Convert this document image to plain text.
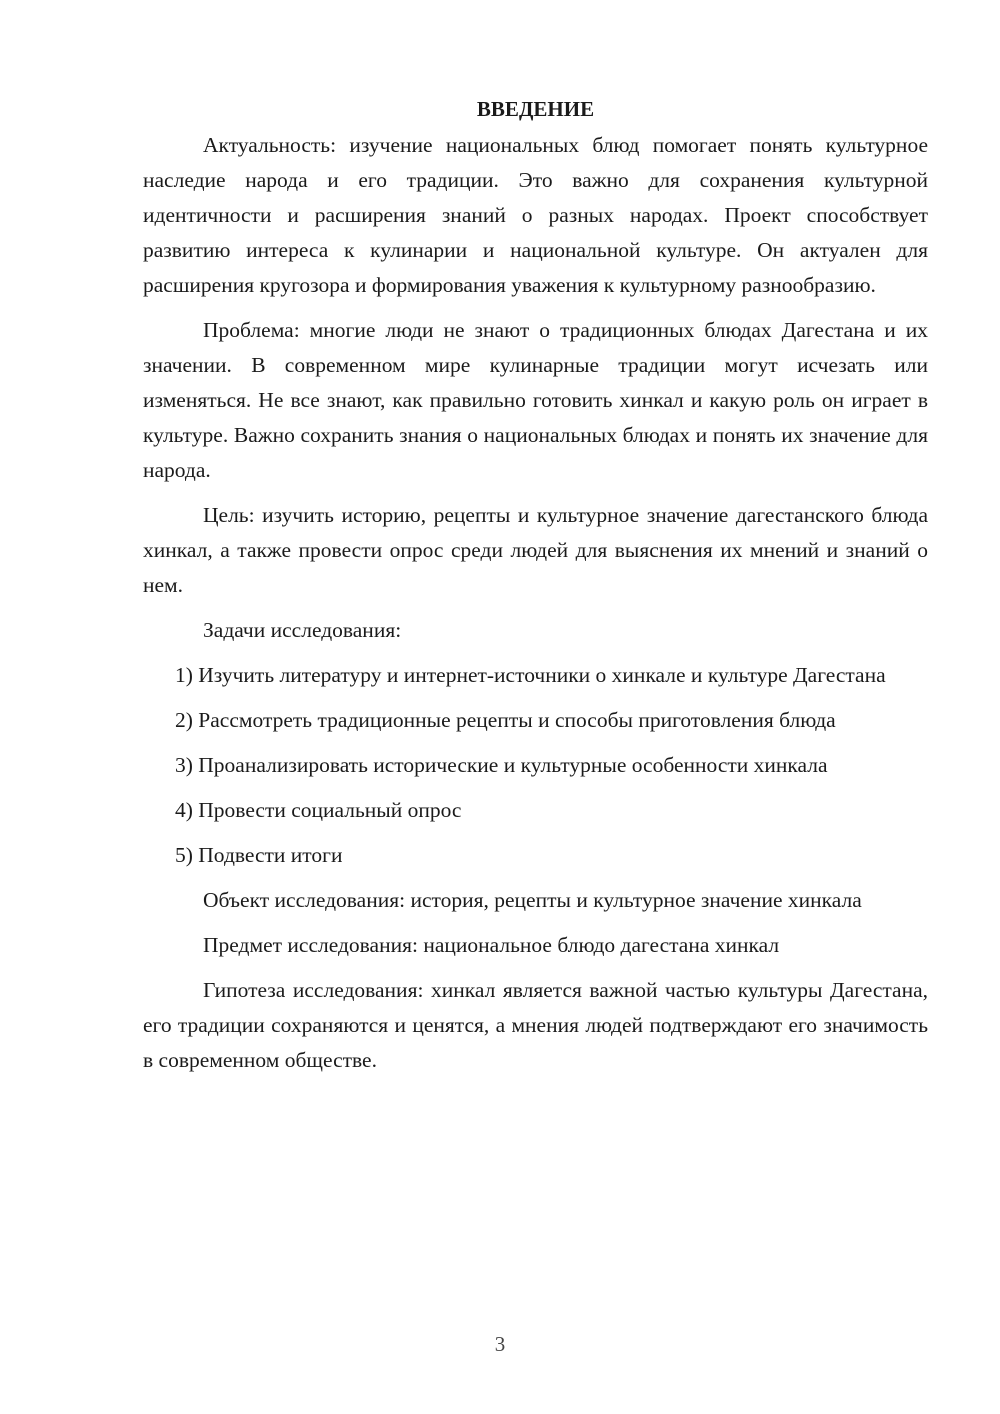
ВВЕДЕНИЕ

Актуальность: изучение национальных блюд помогает понять культурное наследие народа и его традиции. Это важно для сохранения культурной идентичности и расширения знаний о разных народах. Проект способствует развитию интереса к кулинарии и национальной культуре. Он актуален для расширения кругозора и формирования уважения к культурному разнообразию.

Проблема: многие люди не знают о традиционных блюдах Дагестана и их значении. В современном мире кулинарные традиции могут исчезать или изменяться. Не все знают, как правильно готовить хинкал и какую роль он играет в культуре. Важно сохранить знания о национальных блюдах и понять их значение для народа.

Цель: изучить историю, рецепты и культурное значение дагестанского блюда хинкал, а также провести опрос среди людей для выяснения их мнений и знаний о нем.

Задачи исследования:

1) Изучить литературу и интернет-источники о хинкале и культуре Дагестана

2) Рассмотреть традиционные рецепты и способы приготовления блюда

3) Проанализировать исторические и культурные особенности хинкала

4) Провести социальный опрос

5) Подвести итоги

Объект исследования: история, рецепты и культурное значение хинкала

Предмет исследования: национальное блюдо дагестана хинкал

Гипотеза исследования: хинкал является важной частью культуры Дагестана, его традиции сохраняются и ценятся, а мнения людей подтверждают его значимость в современном обществе.

3
